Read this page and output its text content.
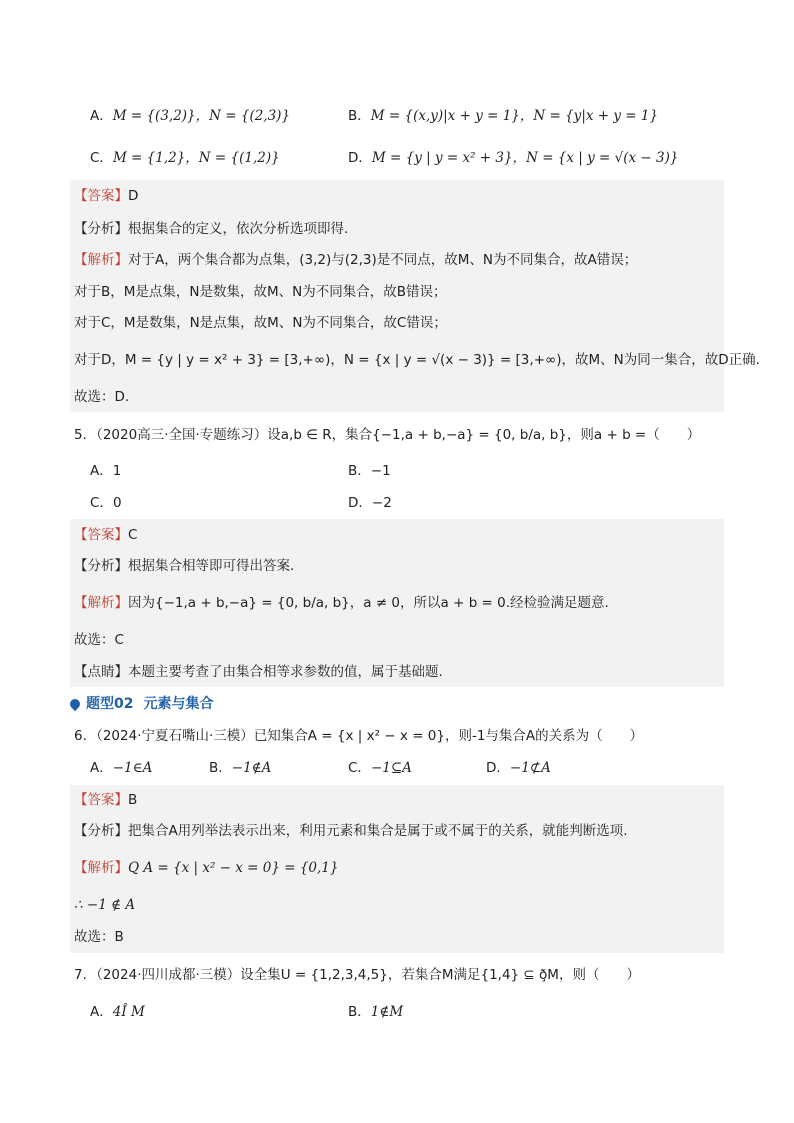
A．M = {(3,2)}，N = {(2,3)}	B．M = {(x,y)|x + y = 1}，N = {y|x + y = 1}
C．M = {1,2}，N = {(1,2)}	D．M = {y | y = x² + 3}，N = {x | y = √(x − 3)}
【答案】D
【分析】根据集合的定义，依次分析选项即得.
【解析】对于A，两个集合都为点集，(3,2)与(2,3)是不同点，故M、N为不同集合，故A错误；
对于B，M是点集，N是数集，故M、N为不同集合，故B错误；
对于C，M是数集，N是点集，故M、N为不同集合，故C错误；
对于D，M = {y | y = x² + 3} = [3,+∞)，N = {x | y = √(x − 3)} = [3,+∞)，故M、N为同一集合，故D正确.
故选：D.
5．（2020高三·全国·专题练习）设a,b ∈ R，集合{−1,a + b,−a} = {0, b/a, b}，则a + b =（　　）
A．1	B．−1
C．0	D．−2
【答案】C
【分析】根据集合相等即可得出答案.
【解析】因为{−1,a + b,−a} = {0, b/a, b}，a ≠ 0，所以a + b = 0.经检验满足题意.
故选：C
【点睛】本题主要考查了由集合相等求参数的值，属于基础题.
题型02 元素与集合
6．（2024·宁夏石嘴山·三模）已知集合A = {x | x² − x = 0}，则-1与集合A的关系为（　　）
A．−1∈A	B．−1∉A	C．−1⊆A	D．−1⊄A
【答案】B
【分析】把集合A用列举法表示出来，利用元素和集合是属于或不属于的关系，就能判断选项.
【解析】Q A = {x | x² − x = 0} = {0,1}
∴ −1 ∉ A
故选：B
7．（2024·四川成都·三模）设全集U = {1,2,3,4,5}，若集合M满足{1,4} ⊆ ð̧M，则（　　）
A．4Î M	B．1∉M
